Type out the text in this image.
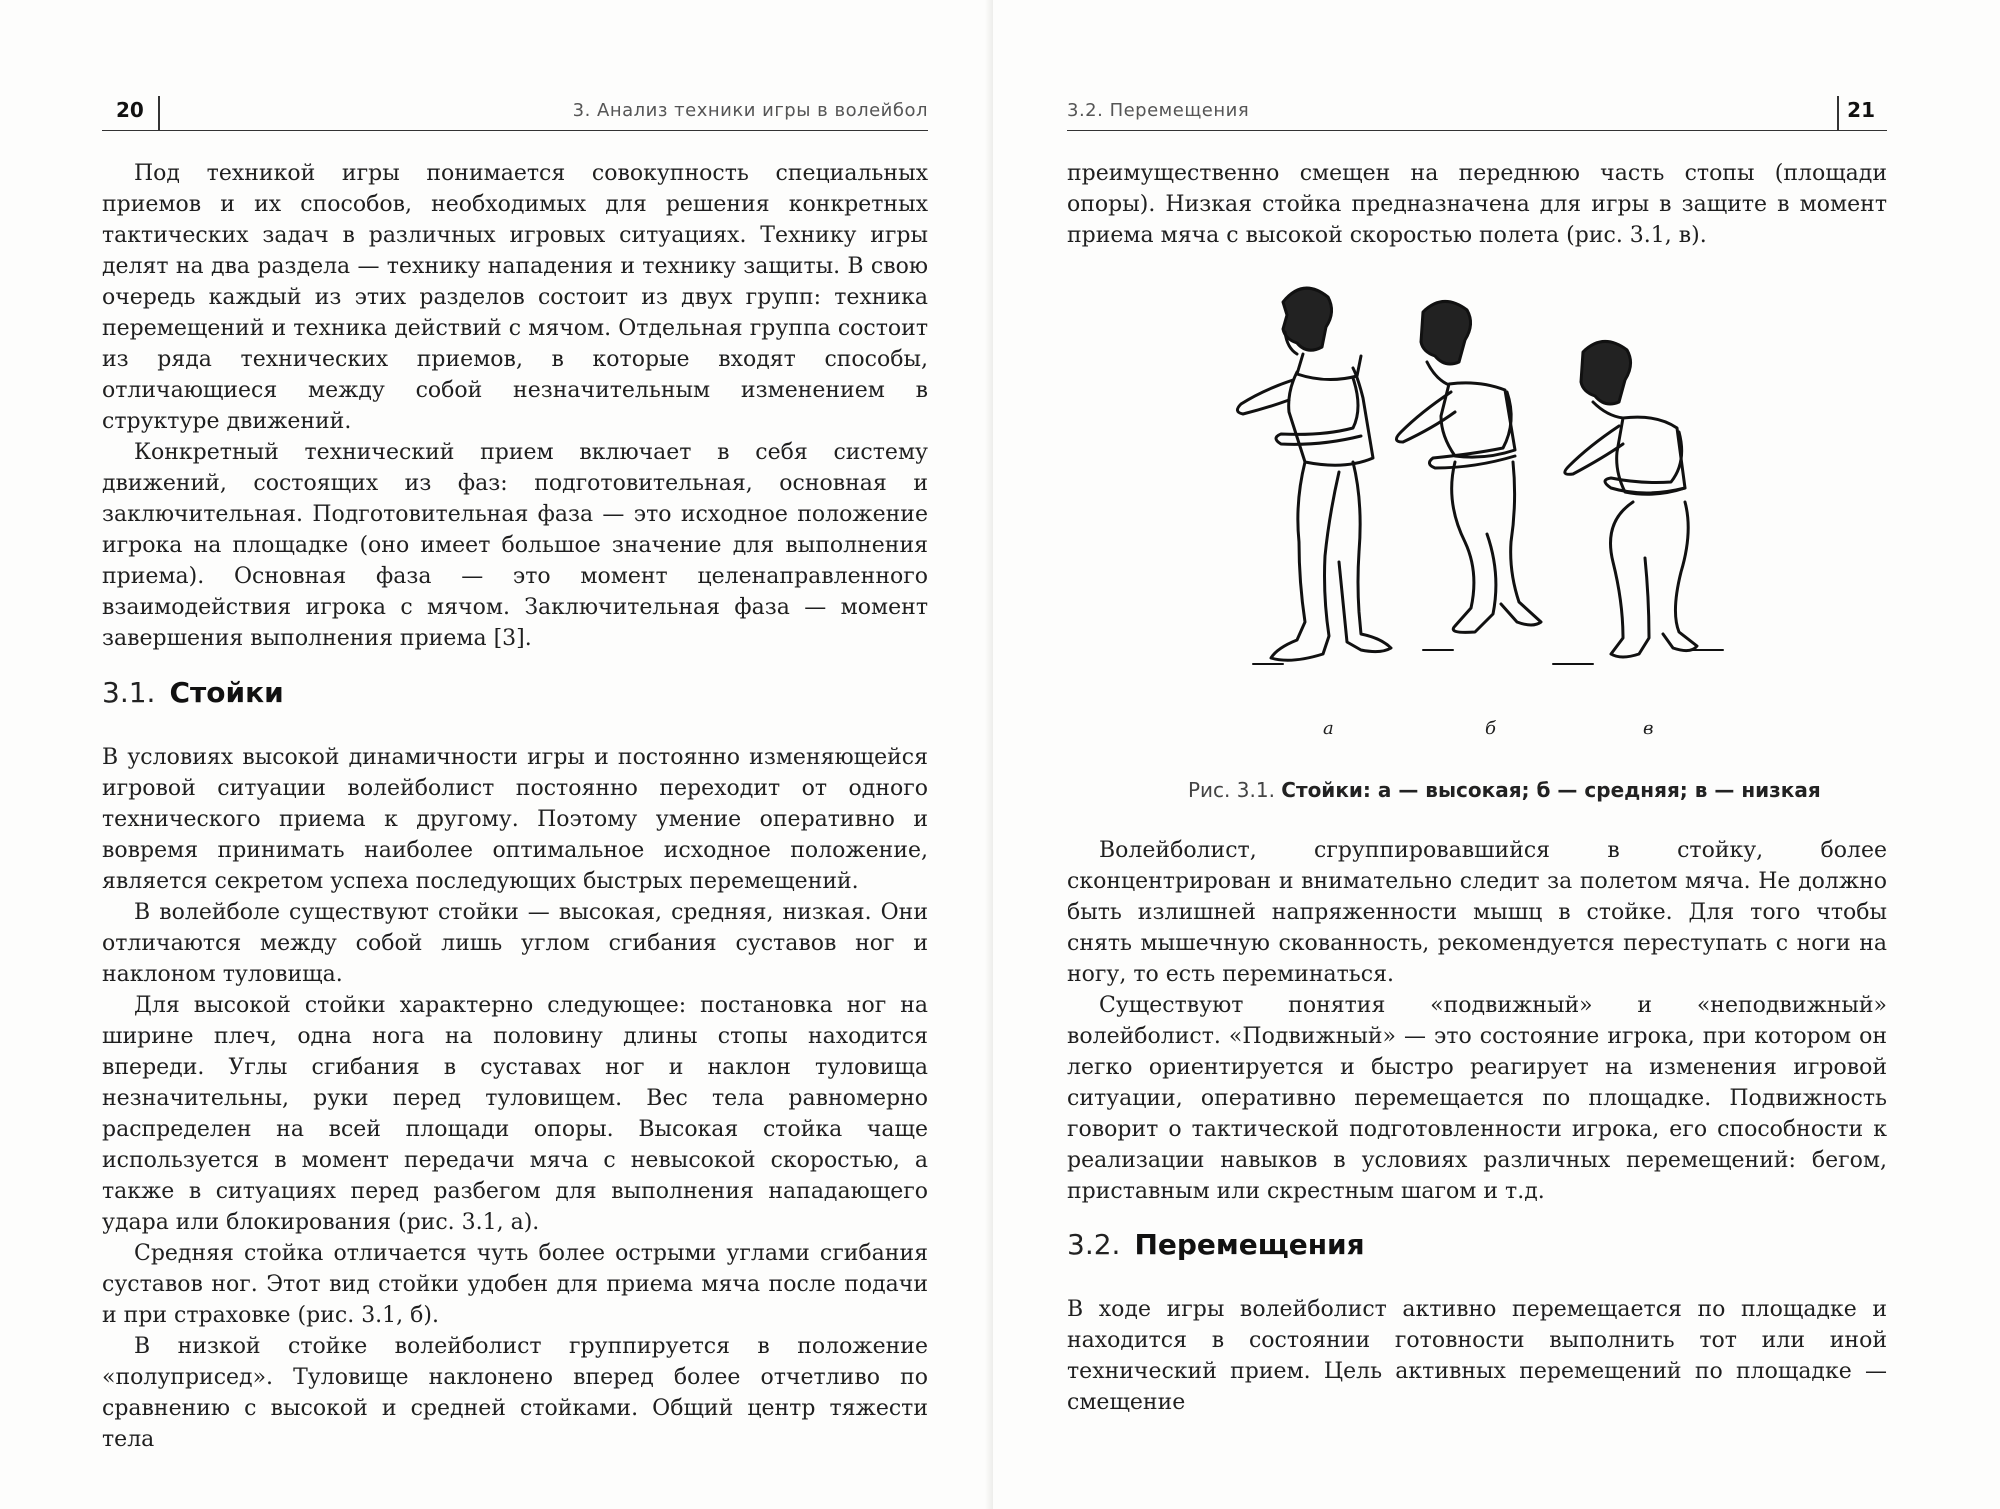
20	3. Анализ техники игры в волейбол

Под техникой игры понимается совокупность специальных приемов и их способов, необходимых для решения конкретных тактических задач в различных игровых ситуациях. Технику игры делят на два раздела — технику нападения и технику защиты. В свою очередь каждый из этих разделов состоит из двух групп: техника перемещений и техника действий с мячом. Отдельная группа состоит из ряда технических приемов, в которые входят способы, отличающиеся между собой незначительным изменением в структуре движений.

Конкретный технический прием включает в себя систему движений, состоящих из фаз: подготовительная, основная и заключительная. Подготовительная фаза — это исходное положение игрока на площадке (оно имеет большое значение для выполнения приема). Основная фаза — это момент целенаправленного взаимодействия игрока с мячом. Заключительная фаза — момент завершения выполнения приема [3].

3.1. Стойки

В условиях высокой динамичности игры и постоянно изменяющейся игровой ситуации волейболист постоянно переходит от одного технического приема к другому. Поэтому умение оперативно и вовремя принимать наиболее оптимальное исходное положение, является секретом успеха последующих быстрых перемещений.

В волейболе существуют стойки — высокая, средняя, низкая. Они отличаются между собой лишь углом сгибания суставов ног и наклоном туловища.

Для высокой стойки характерно следующее: постановка ног на ширине плеч, одна нога на половину длины стопы находится впереди. Углы сгибания в суставах ног и наклон туловища незначительны, руки перед туловищем. Вес тела равномерно распределен на всей площади опоры. Высокая стойка чаще используется в момент передачи мяча с невысокой скоростью, а также в ситуациях перед разбегом для выполнения нападающего удара или блокирования (рис. 3.1, а).

Средняя стойка отличается чуть более острыми углами сгибания суставов ног. Этот вид стойки удобен для приема мяча после подачи и при страховке (рис. 3.1, б).

В низкой стойке волейболист группируется в положение «полуприсед». Туловище наклонено вперед более отчетливо по сравнению с высокой и средней стойками. Общий центр тяжести тела

3.2. Перемещения	21

преимущественно смещен на переднюю часть стопы (площади опоры). Низкая стойка предназначена для игры в защите в момент приема мяча с высокой скоростью полета (рис. 3.1, в).

а	б	в
Рис. 3.1. Стойки: а — высокая; б — средняя; в — низкая

Волейболист, сгруппировавшийся в стойку, более сконцентрирован и внимательно следит за полетом мяча. Не должно быть излишней напряженности мышц в стойке. Для того чтобы снять мышечную скованность, рекомендуется переступать с ноги на ногу, то есть переминаться.

Существуют понятия «подвижный» и «неподвижный» волейболист. «Подвижный» — это состояние игрока, при котором он легко ориентируется и быстро реагирует на изменения игровой ситуации, оперативно перемещается по площадке. Подвижность говорит о тактической подготовленности игрока, его способности к реализации навыков в условиях различных перемещений: бегом, приставным или скрестным шагом и т.д.

3.2. Перемещения

В ходе игры волейболист активно перемещается по площадке и находится в состоянии готовности выполнить тот или иной технический прием. Цель активных перемещений по площадке — смещение
